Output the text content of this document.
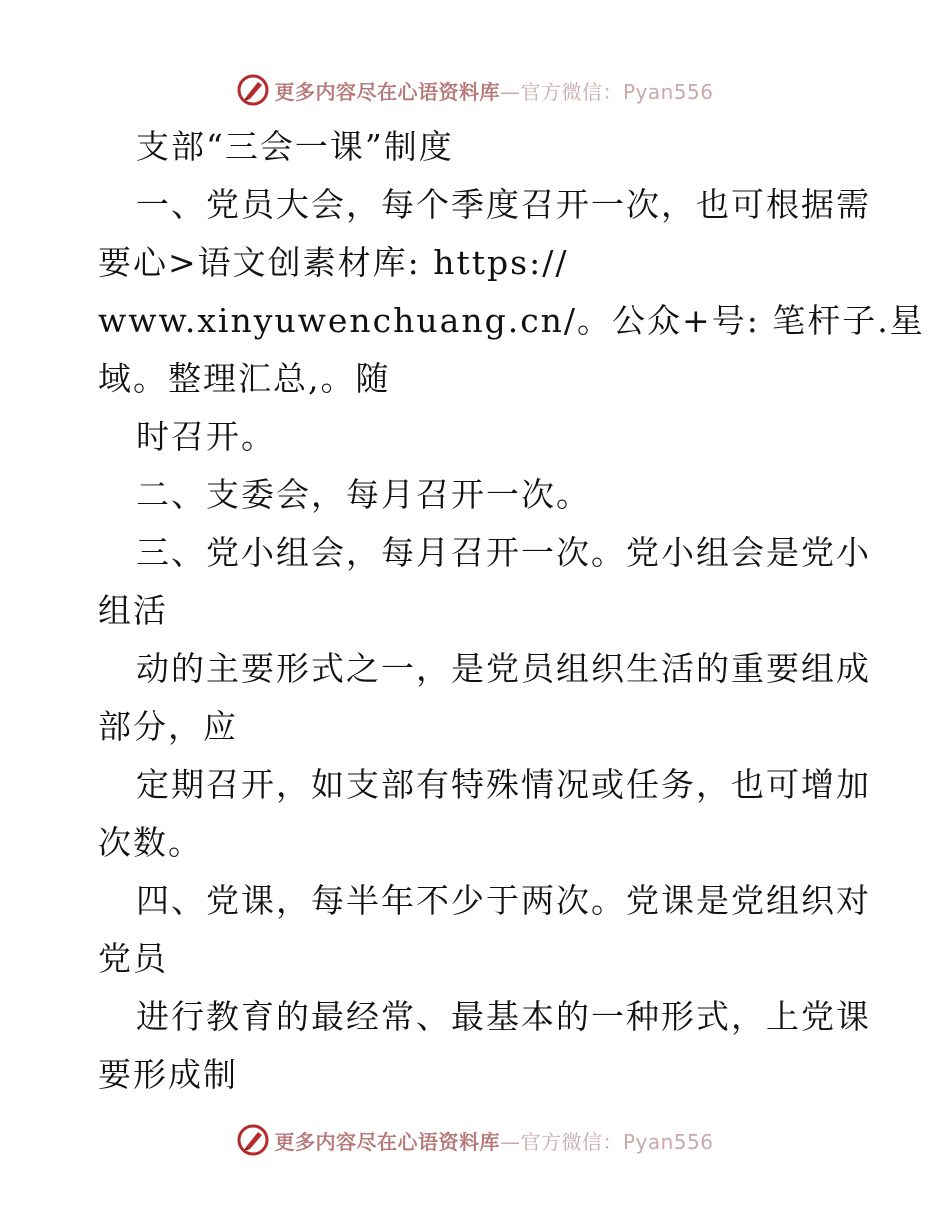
更多内容尽在心语资料库—官方微信：Pyan556
支部“三会一课”制度
一、党员大会，每个季度召开一次，也可根据需
要心>语文创素材库: https://
www.xinyuwenchuang.cn/。公众+号: 笔杆子.星
域。整理汇总,。随
时召开。
二、支委会，每月召开一次。
三、党小组会，每月召开一次。党小组会是党小
组活
动的主要形式之一，是党员组织生活的重要组成
部分，应
定期召开，如支部有特殊情况或任务，也可增加
次数。
四、党课，每半年不少于两次。党课是党组织对
党员
进行教育的最经常、最基本的一种形式，上党课
要形成制
更多内容尽在心语资料库—官方微信：Pyan556
